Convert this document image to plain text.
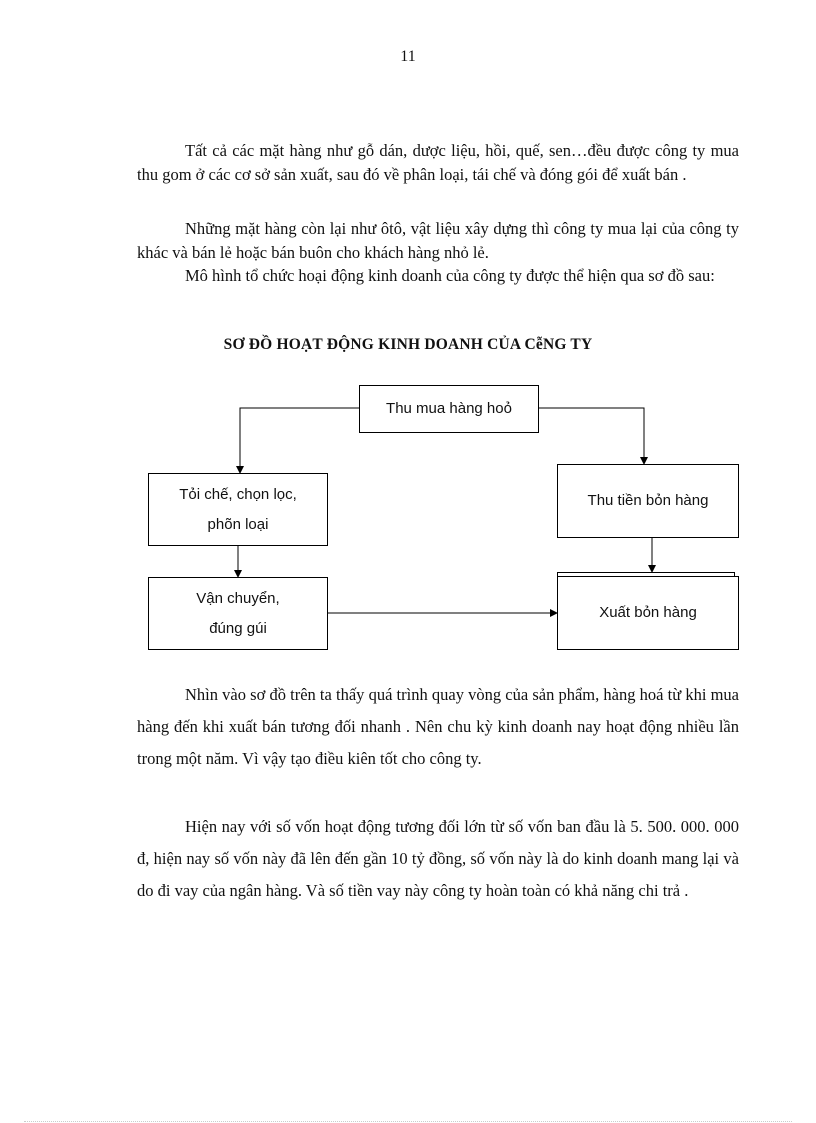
11

Tất cả các mặt hàng như gỗ dán, dược liệu, hồi, quế, sen…đều được công ty mua thu gom ở các cơ sở sản xuất, sau đó về phân loại, tái chế và đóng gói để xuất bán .

Những mặt hàng còn lại như ôtô, vật liệu xây dựng thì công ty mua lại của công ty khác và bán lẻ hoặc bán buôn cho khách hàng nhỏ lẻ.

Mô hình tổ chức hoại động kinh doanh của công ty được thể hiện qua sơ đồ sau:

SƠ ĐỒ HOẠT ĐỘNG KINH DOANH CỦA CễNG TY
Thu mua hàng hoỏ
Tỏi chế, chọn lọc,
phõn loại
Thu tiền bỏn hàng
Vận chuyển,
đúng gúi
Xuất bỏn hàng

Nhìn vào sơ đồ trên ta thấy quá trình quay vòng của sản phẩm, hàng hoá từ khi mua hàng đến khi xuất bán tương đối nhanh . Nên chu kỳ kinh doanh nay hoạt động nhiều lần trong một năm. Vì vậy tạo điều kiên tốt cho công ty.

Hiện nay với số vốn hoạt động tương đối lớn từ số vốn ban đầu là 5. 500. 000. 000 đ, hiện nay số vốn này đã lên đến gần 10 tỷ đồng, số vốn này là do kinh doanh mang lại và do đi vay của ngân hàng. Và số tiền vay này công ty hoàn toàn có khả năng chi trả .
